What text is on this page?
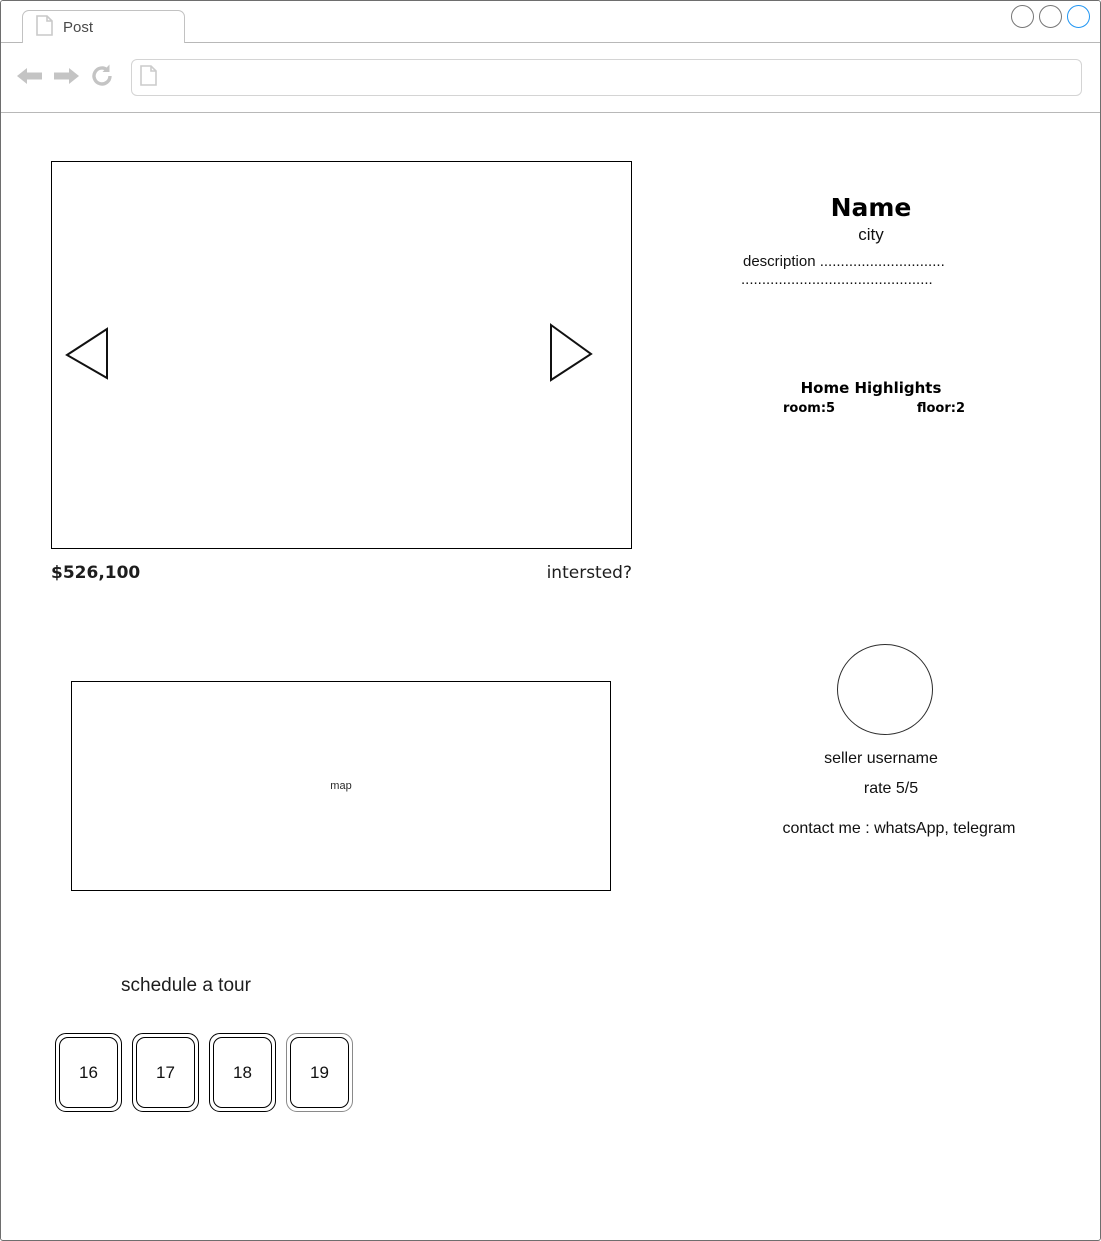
Post
$526,100	intersted?
map
schedule a tour
16	17	18	19
Name
city
description ..............................
..............................................
Home Highlights
room:5	floor:2
seller username
rate 5/5
contact me : whatsApp, telegram
